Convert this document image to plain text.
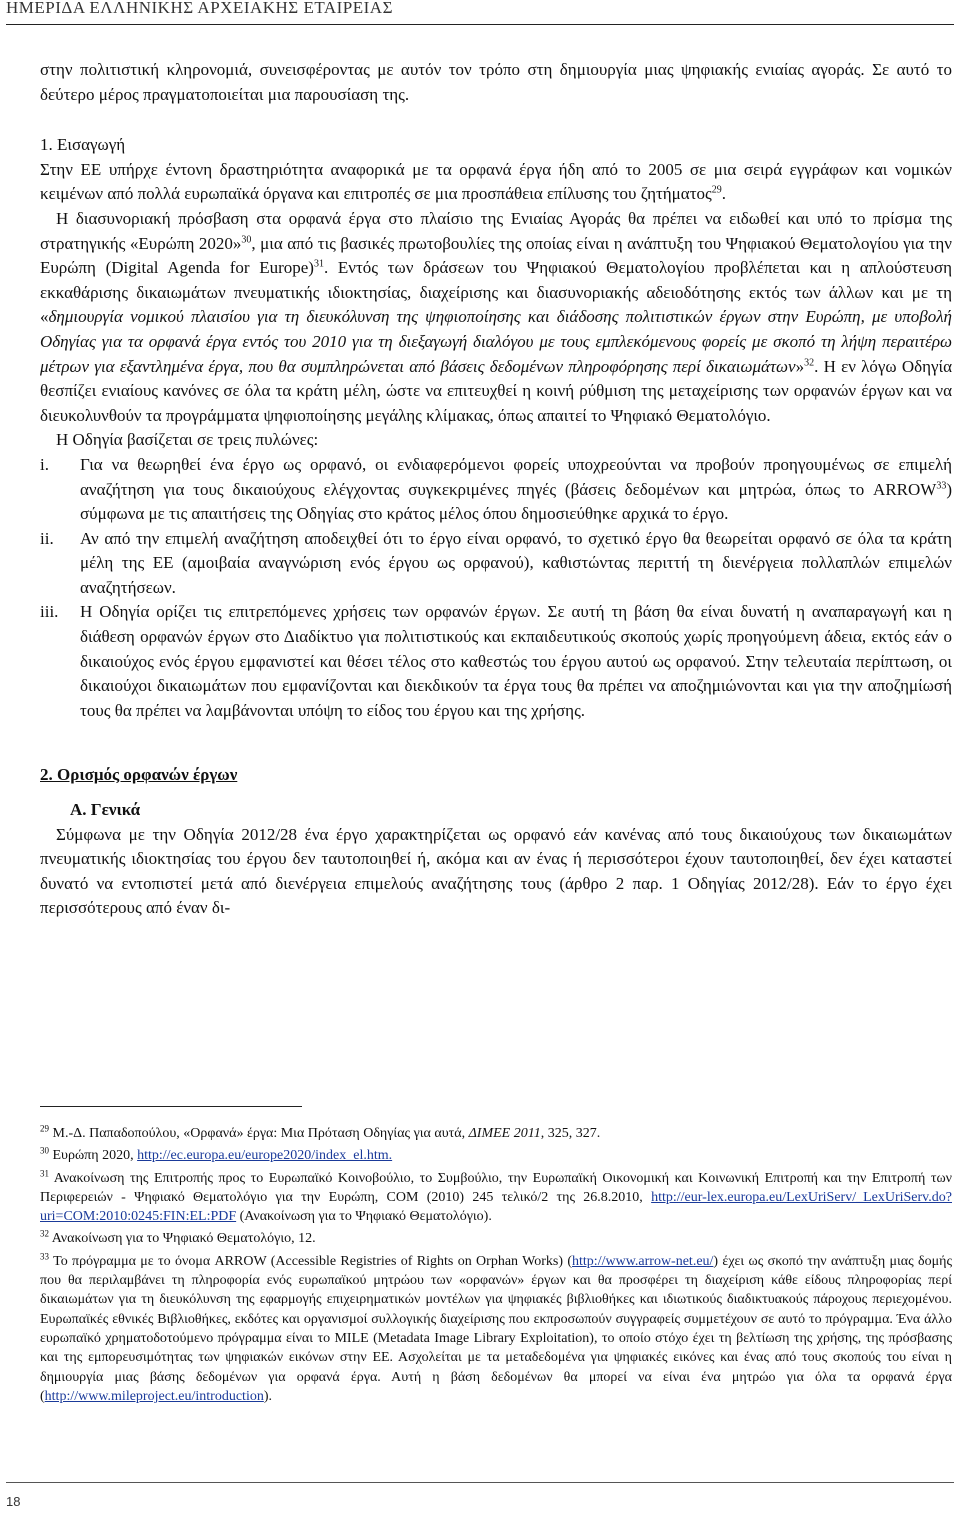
ΗΜΕΡΙΔΑ ΕΛΛΗΝΙΚΗΣ ΑΡΧΕΙΑΚΗΣ ΕΤΑΙΡΕΙΑΣ

στην πολιτιστική κληρονομιά, συνεισφέροντας με αυτόν τον τρόπο στη δημιουργία μιας ψηφιακής ενιαίας αγοράς. Σε αυτό το δεύτερο μέρος πραγματοποιείται μια παρουσίαση της.

1. Εισαγωγή

Στην ΕΕ υπήρχε έντονη δραστηριότητα αναφορικά με τα ορφανά έργα ήδη από το 2005 σε μια σειρά εγγράφων και νομικών κειμένων από πολλά ευρωπαϊκά όργανα και επιτροπές σε μια προσπάθεια επίλυσης του ζητήματος$^{29}$.

Η διασυνοριακή πρόσβαση στα ορφανά έργα στο πλαίσιο της Ενιαίας Αγοράς θα πρέπει να ειδωθεί και υπό το πρίσμα της στρατηγικής «Ευρώπη 2020»$^{30}$, μια από τις βασικές πρωτοβουλίες της οποίας είναι η ανάπτυξη του Ψηφιακού Θεματολογίου για την Ευρώπη (Digital Agenda for Europe)$^{31}$. Εντός των δράσεων του Ψηφιακού Θεματολογίου προβλέπεται και η απλούστευση εκκαθάρισης δικαιωμάτων πνευματικής ιδιοκτησίας, διαχείρισης και διασυνοριακής αδειοδότησης εκτός των άλλων και με τη «δημιουργία νομικού πλαισίου για τη διευκόλυνση της ψηφιοποίησης και διάδοσης πολιτιστικών έργων στην Ευρώπη, με υποβολή Οδηγίας για τα ορφανά έργα εντός του 2010 για τη διεξαγωγή διαλόγου με τους εμπλεκόμενους φορείς με σκοπό τη λήψη περαιτέρω μέτρων για εξαντλημένα έργα, που θα συμπληρώνεται από βάσεις δεδομένων πληροφόρησης περί δικαιωμάτων»$^{32}$. Η εν λόγω Οδηγία θεσπίζει ενιαίους κανόνες σε όλα τα κράτη μέλη, ώστε να επιτευχθεί η κοινή ρύθμιση της μεταχείρισης των ορφανών έργων και να διευκολυνθούν τα προγράμματα ψηφιοποίησης μεγάλης κλίμακας, όπως απαιτεί το Ψηφιακό Θεματολόγιο.

Η Οδηγία βασίζεται σε τρεις πυλώνες:

i. Για να θεωρηθεί ένα έργο ως ορφανό, οι ενδιαφερόμενοι φορείς υποχρεούνται να προβούν προηγουμένως σε επιμελή αναζήτηση για τους δικαιούχους ελέγχοντας συγκεκριμένες πηγές (βάσεις δεδομένων και μητρώα, όπως το ARROW$^{33}$) σύμφωνα με τις απαιτήσεις της Οδηγίας στο κράτος μέλος όπου δημοσιεύθηκε αρχικά το έργο.
ii. Αν από την επιμελή αναζήτηση αποδειχθεί ότι το έργο είναι ορφανό, το σχετικό έργο θα θεωρείται ορφανό σε όλα τα κράτη μέλη της ΕΕ (αμοιβαία αναγνώριση ενός έργου ως ορφανού), καθιστώντας περιττή τη διενέργεια πολλαπλών επιμελών αναζητήσεων.
iii. Η Οδηγία ορίζει τις επιτρεπόμενες χρήσεις των ορφανών έργων. Σε αυτή τη βάση θα είναι δυνατή η αναπαραγωγή και η διάθεση ορφανών έργων στο Διαδίκτυο για πολιτιστικούς και εκπαιδευτικούς σκοπούς χωρίς προηγούμενη άδεια, εκτός εάν ο δικαιούχος ενός έργου εμφανιστεί και θέσει τέλος στο καθεστώς του έργου αυτού ως ορφανού. Στην τελευταία περίπτωση, οι δικαιούχοι δικαιωμάτων που εμφανίζονται και διεκδικούν τα έργα τους θα πρέπει να αποζημιώνονται και για την αποζημίωσή τους θα πρέπει να λαμβάνονται υπόψη το είδος του έργου και της χρήσης.

2. Ορισμός ορφανών έργων

Α. Γενικά

Σύμφωνα με την Οδηγία 2012/28 ένα έργο χαρακτηρίζεται ως ορφανό εάν κανένας από τους δικαιούχους των δικαιωμάτων πνευματικής ιδιοκτησίας του έργου δεν ταυτοποιηθεί ή, ακόμα και αν ένας ή περισσότεροι έχουν ταυτοποιηθεί, δεν έχει καταστεί δυνατό να εντοπιστεί μετά από διενέργεια επιμελούς αναζήτησης τους (άρθρο 2 παρ. 1 Οδηγίας 2012/28). Εάν το έργο έχει περισσότερους από έναν δι-

$^{29}$ Μ.-Δ. Παπαδοπούλου, «Ορφανά» έργα: Μια Πρόταση Οδηγίας για αυτά, ΔΙΜΕΕ 2011, 325, 327.

$^{30}$ Ευρώπη 2020, http://ec.europa.eu/europe2020/index_el.htm.

$^{31}$ Ανακοίνωση της Επιτροπής προς το Ευρωπαϊκό Κοινοβούλιο, το Συμβούλιο, την Ευρωπαϊκή Οικονομική και Κοινωνική Επιτροπή και την Επιτροπή των Περιφερειών - Ψηφιακό Θεματολόγιο για την Ευρώπη, COM (2010) 245 τελικό/2 της 26.8.2010, http://eur-lex.europa.eu/LexUriServ/_LexUriServ.do?uri=COM:2010:0245:FIN:EL:PDF (Ανακοίνωση για το Ψηφιακό Θεματολόγιο).

$^{32}$ Ανακοίνωση για το Ψηφιακό Θεματολόγιο, 12.

$^{33}$ Το πρόγραμμα με το όνομα ARROW (Accessible Registries of Rights on Orphan Works) (http://www.arrow-net.eu/) έχει ως σκοπό την ανάπτυξη μιας δομής που θα περιλαμβάνει τη πληροφορία ενός ευρωπαϊκού μητρώου των «ορφανών» έργων και θα προσφέρει τη διαχείριση κάθε είδους πληροφορίας περί δικαιωμάτων για τη διευκόλυνση της εφαρμογής επιχειρηματικών μοντέλων για ψηφιακές βιβλιοθήκες και ιδιωτικούς διαδικτυακούς πάροχους περιεχομένου. Ευρωπαϊκές εθνικές Βιβλιοθήκες, εκδότες και οργανισμοί συλλογικής διαχείρισης που εκπροσωπούν συγγραφείς συμμετέχουν σε αυτό το πρόγραμμα. Ένα άλλο ευρωπαϊκό χρηματοδοτούμενο πρόγραμμα είναι το MILE (Metadata Image Library Exploitation), το οποίο στόχο έχει τη βελτίωση της χρήσης, της πρόσβασης και της εμπορευσιμότητας των ψηφιακών εικόνων στην ΕΕ. Ασχολείται με τα μεταδεδομένα για ψηφιακές εικόνες και ένας από τους σκοπούς του είναι η δημιουργία μιας βάσης δεδομένων για ορφανά έργα. Αυτή η βάση δεδομένων θα μπορεί να είναι ένα μητρώο για όλα τα ορφανά έργα (http://www.mileproject.eu/introduction).

18
